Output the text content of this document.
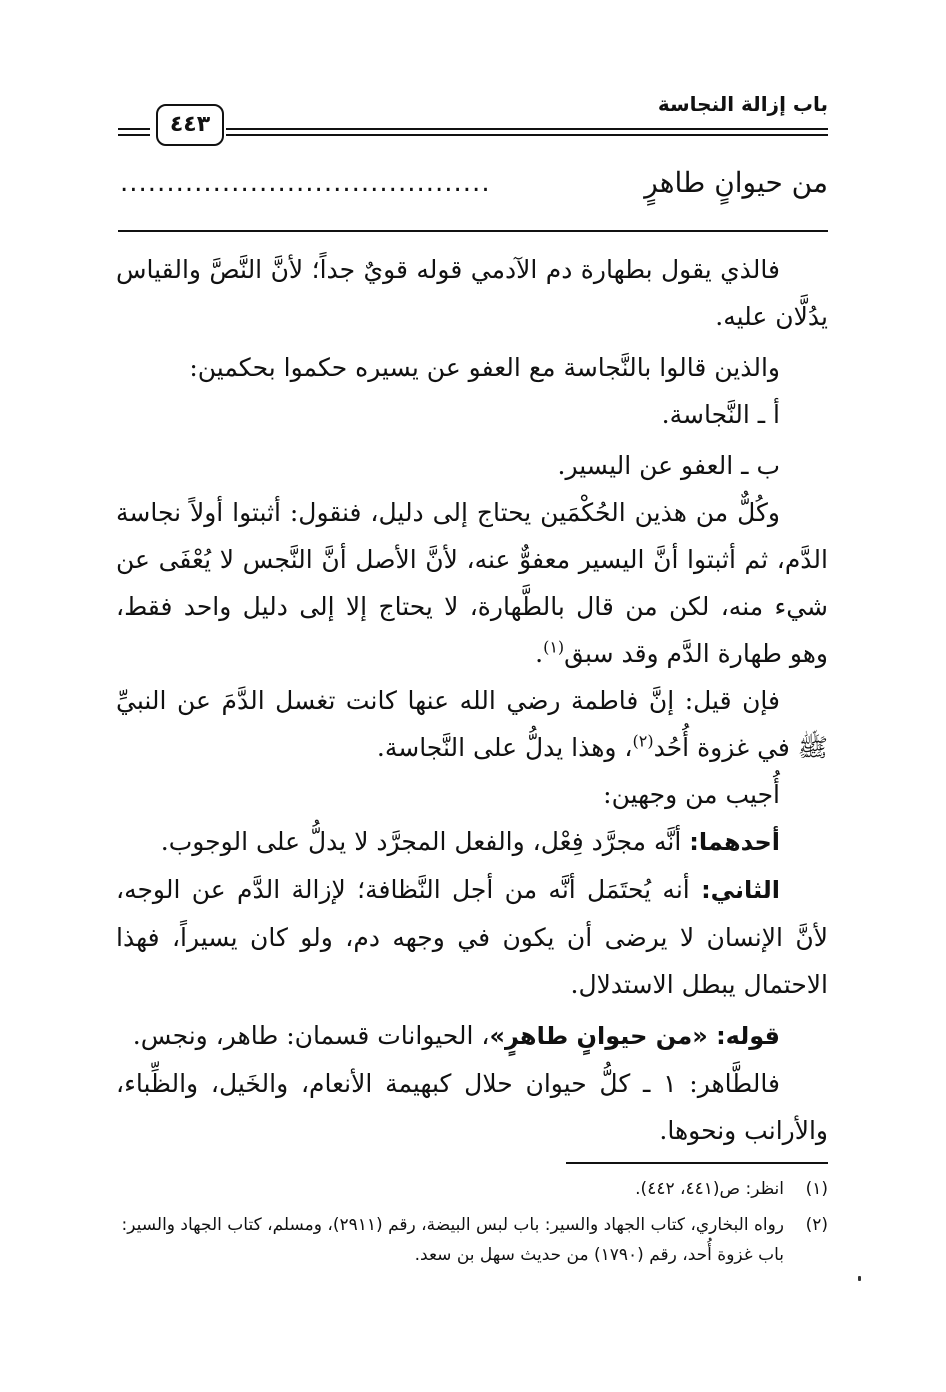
باب إزالة النجاسة
٤٤٣
من حيوانٍ طاهرٍ
........................................

فالذي يقول بطهارة دم الآدمي قوله قويٌ جداً؛ لأنَّ النَّصَّ والقياس يدُلَّان عليه.

والذين قالوا بالنَّجاسة مع العفو عن يسيره حكموا بحكمين:

أ ـ النَّجاسة.

ب ـ العفو عن اليسير.

وكُلٌّ من هذين الحُكْمَين يحتاج إلى دليل، فنقول: أثبتوا أولاً نجاسة الدَّم، ثم أثبتوا أنَّ اليسير معفوٌّ عنه، لأنَّ الأصل أنَّ النَّجس لا يُعْفَى عن شيء منه، لكن من قال بالطَّهارة، لا يحتاج إلا إلى دليل واحد فقط، وهو طهارة الدَّم وقد سبق$^{(١)}$.

فإن قيل: إنَّ فاطمة رضي الله عنها كانت تغسل الدَّمَ عن النبيِّ ﷺ في غزوة أُحُد$^{(٢)}$، وهذا يدلُّ على النَّجاسة.

أُجيب من وجهين:

أحدهما: أنَّه مجرَّد فِعْل، والفعل المجرَّد لا يدلُّ على الوجوب.

الثاني: أنه يُحتَمَل أنَّه من أجل النَّظافة؛ لإزالة الدَّم عن الوجه، لأنَّ الإنسان لا يرضى أن يكون في وجهه دم، ولو كان يسيراً، فهذا الاحتمال يبطل الاستدلال.

قوله: «من حيوانٍ طاهرٍ»، الحيوانات قسمان: طاهر، ونجس.

فالطَّاهر: ١ ـ كلُّ حيوان حلال كبهيمة الأنعام، والخَيل، والظِّباء، والأرانب ونحوها.

(١)
انظر: ص(٤٤١، ٤٤٢).
(٢)
رواه البخاري، كتاب الجهاد والسير: باب لبس البيضة، رقم (٢٩١١)، ومسلم، كتاب الجهاد والسير: باب غزوة أُحد، رقم (١٧٩٠) من حديث سهل بن سعد.
